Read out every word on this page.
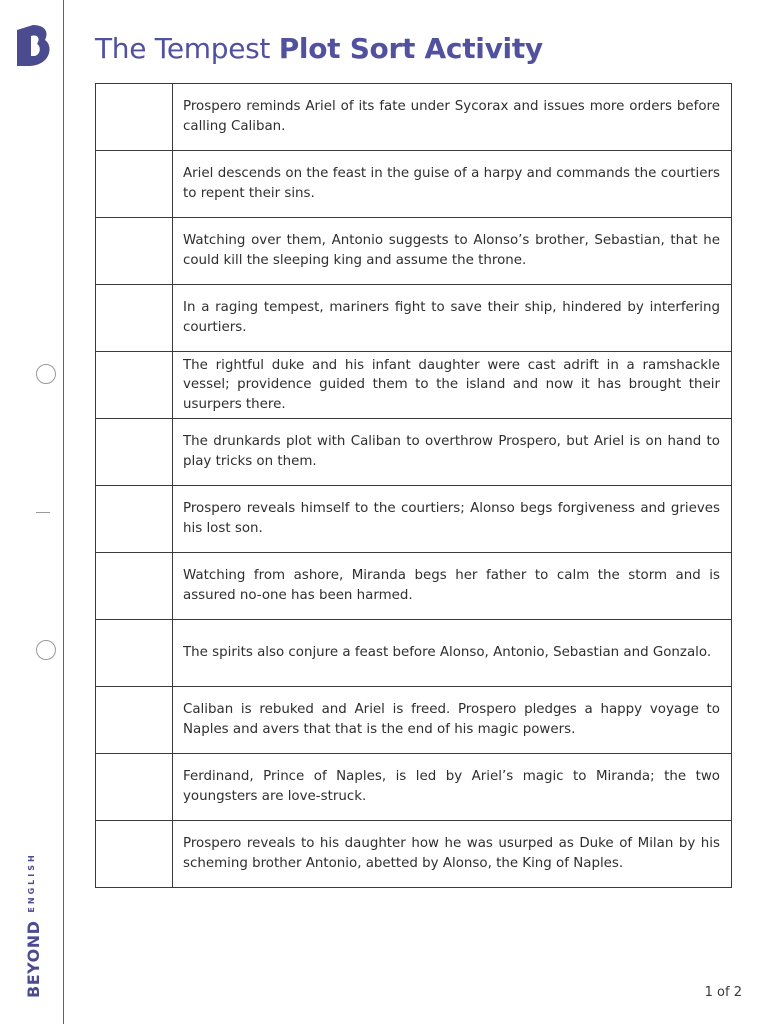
$BEYOND^{ENGLISH}$
The Tempest Plot Sort Activity
	Prospero reminds Ariel of its fate under Sycorax and issues more orders before calling Caliban.
	Ariel descends on the feast in the guise of a harpy and commands the courtiers to repent their sins.
	Watching over them, Antonio suggests to Alonso’s brother, Sebastian, that he could kill the sleeping king and assume the throne.
	In a raging tempest, mariners fight to save their ship, hindered by interfering courtiers.
	The rightful duke and his infant daughter were cast adrift in a ramshackle vessel; providence guided them to the island and now it has brought their usurpers there.
	The drunkards plot with Caliban to overthrow Prospero, but Ariel is on hand to play tricks on them.
	Prospero reveals himself to the courtiers; Alonso begs forgiveness and grieves his lost son.
	Watching from ashore, Miranda begs her father to calm the storm and is assured no-one has been harmed.
	The spirits also conjure a feast before Alonso, Antonio, Sebastian and Gonzalo.
	Caliban is rebuked and Ariel is freed. Prospero pledges a happy voyage to Naples and avers that that is the end of his magic powers.
	Ferdinand, Prince of Naples, is led by Ariel’s magic to Miranda; the two youngsters are love-struck.
	Prospero reveals to his daughter how he was usurped as Duke of Milan by his scheming brother Antonio, abetted by Alonso, the King of Naples.
1 of 2
